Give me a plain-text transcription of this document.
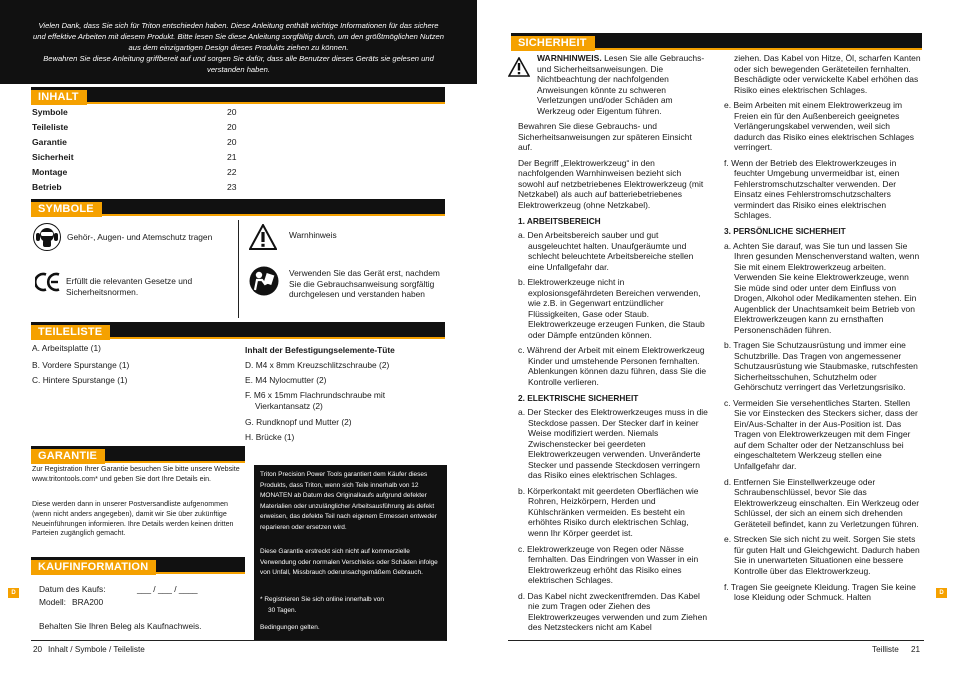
Vielen Dank, dass Sie sich für Triton entschieden haben. Diese Anleitung enthält wichtige Informationen für das sichere

und effektive Arbeiten mit diesem Produkt. Bitte lesen Sie diese Anleitung sorgfältig durch, um den größtmöglichen Nutzen

aus dem einzigartigen Design dieses Produkts ziehen zu können.

Bewahren Sie diese Anleitung griffbereit auf und sorgen Sie dafür, dass alle Benutzer dieses Geräts sie gelesen und

verstanden haben.

INHALT
Symbole	20
Teileliste	20
Garantie	20
Sicherheit	21
Montage	22
Betrieb	23
SYMBOLE
Gehör-, Augen- und Atemschutz tragen
Erfüllt die relevanten Gesetze und Sicherheitsnormen.
Warnhinweis
Verwenden Sie das Gerät erst, nachdem Sie die Gebrauchsanweisung sorgfältig durchgelesen und verstanden haben
TEILELISTE
A. Arbeitsplatte (1)
B. Vordere Spurstange (1)
C. Hintere Spurstange (1)
Inhalt der Befestigungselemente-Tüte
D. M4 x 8mm Kreuzschlitzschraube (2)
E. M4 Nylocmutter (2)
F. M6 x 15mm Flachrundschraube mit Vierkantansatz (2)
G. Rundknopf und Mutter (2)
H. Brücke (1)
GARANTIE
Zur Registration Ihrer Garantie besuchen Sie bitte unsere Website www.tritontools.com* und geben Sie dort Ihre Details ein.
Diese werden dann in unserer Postversandliste aufgenommen (wenn nicht anders angegeben), damit wir Sie über zukünftige Neueinführungen informieren. Ihre Details werden keinen dritten Parteien zugänglich gemacht.
Triton Precision Power Tools garantiert dem Käufer dieses Produkts, dass Triton, wenn sich Teile innerhalb von 12 MONATEN ab Datum des Originalkaufs aufgrund defekter Materialien oder unzulänglicher Arbeitsausführung als defekt erweisen, das defekte Teil nach eigenem Ermessen entweder reparieren oder ersetzen wird.
Diese Garantie erstreckt sich nicht auf kommerzielle Verwendung oder normalen Verschleiss oder Schäden infolge von Unfall, Missbrauch oderunsachgemäßem Gebrauch.
* Registrieren Sie sich online innerhalb von 30 Tagen.
Bedingungen gelten.
KAUFINFORMATION
Datum des Kaufs:	___ / ___ / ____
Modell: BRA200
Behalten Sie Ihren Beleg als Kaufnachweis.
SICHERHEIT

WARNHINWEIS. Lesen Sie alle Gebrauchs- und Sicherheitsanweisungen. Die Nichtbeachtung der nachfolgenden Anweisungen könnte zu schweren Verletzungen und/oder Schäden am Werkzeug oder Eigentum führen.

Bewahren Sie diese Gebrauchs- und Sicherheitsanweisungen zur späteren Einsicht auf.

Der Begriff „Elektrowerkzeug“ in den nachfolgenden Warnhinweisen bezieht sich sowohl auf netzbetriebenes Elektrowerkzeug (mit Netzkabel) als auch auf batteriebetriebenes Elektrowerkzeug (ohne Netzkabel).

1. ARBEITSBEREICH

a. Den Arbeitsbereich sauber und gut ausgeleuchtet halten. Unaufgeräumte und schlecht beleuchtete Arbeitsbereiche stellen eine Unfallgefahr dar.

b. Elektrowerkzeuge nicht in explosionsgefährdeten Bereichen verwenden, wie z.B. in Gegenwart entzündlicher Flüssigkeiten, Gase oder Staub. Elektrowerkzeuge erzeugen Funken, die Staub oder Dämpfe entzünden können.

c. Während der Arbeit mit einem Elektrowerkzeug Kinder und umstehende Personen fernhalten. Ablenkungen können dazu führen, dass Sie die Kontrolle verlieren.

2. ELEKTRISCHE SICHERHEIT

a. Der Stecker des Elektrowerkzeuges muss in die Steckdose passen. Der Stecker darf in keiner Weise modifiziert werden. Niemals Zwischenstecker bei geerdeten Elektrowerkzeugen verwenden. Unveränderte Stecker und passende Steckdosen verringern das Risiko eines elektrischen Schlages.

b. Körperkontakt mit geerdeten Oberflächen wie Rohren, Heizkörpern, Herden und Kühlschränken vermeiden. Es besteht ein erhöhtes Risiko durch elektrischen Schlag, wenn Ihr Körper geerdet ist.

c. Elektrowerkzeuge von Regen oder Nässe fernhalten. Das Eindringen von Wasser in ein Elektrowerkzeug erhöht das Risiko eines elektrischen Schlages.

d. Das Kabel nicht zweckentfremden. Das Kabel nie zum Tragen oder Ziehen des Elektrowerkzeuges verwenden und zum Ziehen des Netzsteckers nicht am Kabel

ziehen. Das Kabel von Hitze, Öl, scharfen Kanten oder sich bewegenden Geräteteilen fernhalten. Beschädigte oder verwickelte Kabel erhöhen das Risiko eines elektrischen Schlages.

e. Beim Arbeiten mit einem Elektrowerkzeug im Freien ein für den Außenbereich geeignetes Verlängerungskabel verwenden, weil sich dadurch das Risiko eines elektrischen Schlages verringert.

f. Wenn der Betrieb des Elektrowerkzeuges in feuchter Umgebung unvermeidbar ist, einen Fehlerstromschutzschalter verwenden. Der Einsatz eines Fehlerstromschutzschalters vermindert das Risiko eines elektrischen Schlages.

3. PERSÖNLICHE SICHERHEIT

a. Achten Sie darauf, was Sie tun und lassen Sie Ihren gesunden Menschenverstand walten, wenn Sie mit einem Elektrowerkzeug arbeiten. Verwenden Sie keine Elektrowerkzeuge, wenn Sie müde sind oder unter dem Einfluss von Drogen, Alkohol oder Medikamenten stehen. Ein Augenblick der Unachtsamkeit beim Betrieb von Elektrowerkzeugen kann zu ernsthaften Personenschäden führen.

b. Tragen Sie Schutzausrüstung und immer eine Schutzbrille. Das Tragen von angemessener Schutzausrüstung wie Staubmaske, rutschfesten Sicherheitsschuhen, Schutzhelm oder Gehörschutz verringert das Verletzungsrisiko.

c. Vermeiden Sie versehentliches Starten. Stellen Sie vor Einstecken des Steckers sicher, dass der Ein/Aus-Schalter in der Aus-Position ist. Das Tragen von Elektrowerkzeugen mit dem Finger auf dem Schalter oder der Netzanschluss bei eingeschaltetem Werkzeug stellen eine Unfallgefahr dar.

d. Entfernen Sie Einstellwerkzeuge oder Schraubenschlüssel, bevor Sie das Elektrowerkzeug einschalten. Ein Werkzeug oder Schlüssel, der sich an einem sich drehenden Geräteteil befindet, kann zu Verletzungen führen.

e. Strecken Sie sich nicht zu weit. Sorgen Sie stets für guten Halt und Gleichgewicht. Dadurch haben Sie in unerwarteten Situationen eine bessere Kontrolle über das Elektrowerkzeug.

f. Tragen Sie geeignete Kleidung. Tragen Sie keine lose Kleidung oder Schmuck. Halten

20 Inhalt / Symbole / Teileliste	Teilliste 21
D	D
